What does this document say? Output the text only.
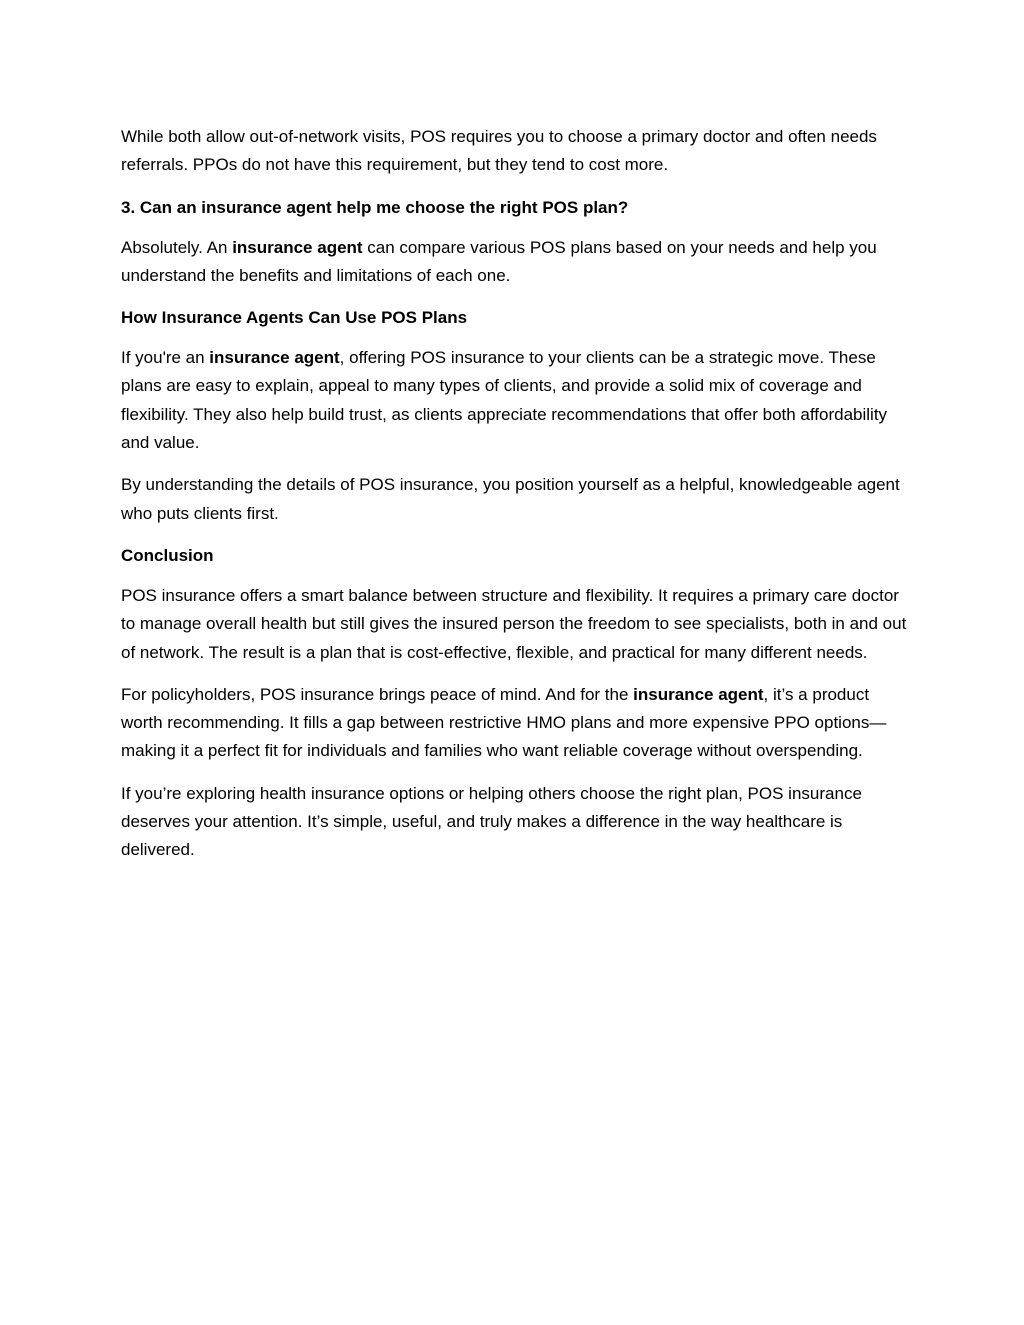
While both allow out-of-network visits, POS requires you to choose a primary doctor and often needs referrals. PPOs do not have this requirement, but they tend to cost more.

3. Can an insurance agent help me choose the right POS plan?

Absolutely. An insurance agent can compare various POS plans based on your needs and help you understand the benefits and limitations of each one.

How Insurance Agents Can Use POS Plans

If you're an insurance agent, offering POS insurance to your clients can be a strategic move. These plans are easy to explain, appeal to many types of clients, and provide a solid mix of coverage and flexibility. They also help build trust, as clients appreciate recommendations that offer both affordability and value.

By understanding the details of POS insurance, you position yourself as a helpful, knowledgeable agent who puts clients first.

Conclusion

POS insurance offers a smart balance between structure and flexibility. It requires a primary care doctor to manage overall health but still gives the insured person the freedom to see specialists, both in and out of network. The result is a plan that is cost-effective, flexible, and practical for many different needs.

For policyholders, POS insurance brings peace of mind. And for the insurance agent, it’s a product worth recommending. It fills a gap between restrictive HMO plans and more expensive PPO options—making it a perfect fit for individuals and families who want reliable coverage without overspending.

If you’re exploring health insurance options or helping others choose the right plan, POS insurance deserves your attention. It’s simple, useful, and truly makes a difference in the way healthcare is delivered.
